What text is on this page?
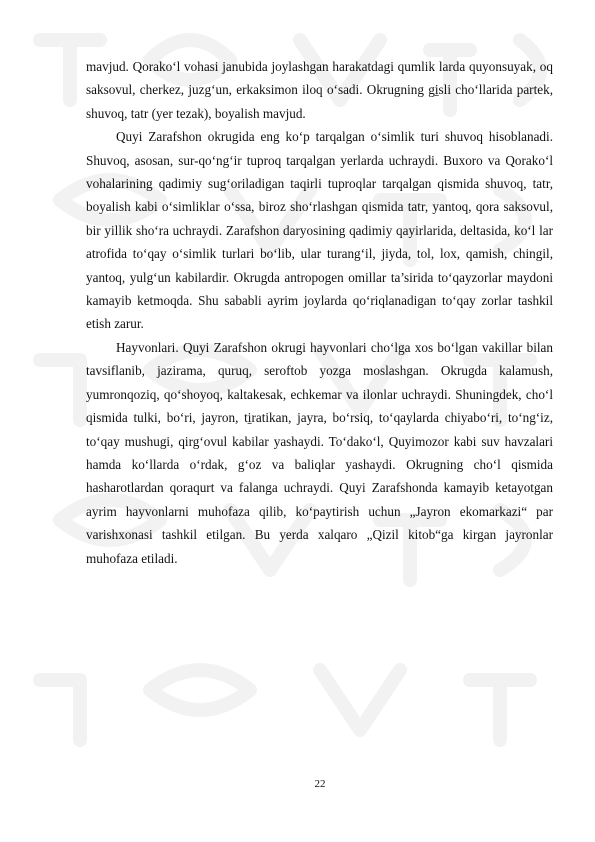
mavjud. Qorako‘l vohasi janubida joylashgan harakatdagi qumlik larda quyonsuyak, oq saksovul, cherkez, juzg‘un, erkaksimon iloq o‘sadi. Okrugning gi̱sli cho‘llarida partek, shuvoq, tatr (yer tezak), boyalish mavjud.

Quyi Zarafshon okrugida eng ko‘p tarqalgan o‘simlik turi shuvoq hisoblanadi. Shuvoq, asosan, sur-qo‘ng‘ir tuproq tarqalgan yerlarda uchraydi. Buxoro va Qorako‘l vohalarining qadimiy sug‘oriladigan taqirli tuproqlar tarqalgan qismida shuvoq, tatr, boyalish kabi o‘simliklar o‘ssa, biroz sho‘rlashgan qismida tatr, yantoq, qora saksovul, bir yillik sho‘ra uchraydi. Zarafshon daryosining qadimiy qayirlarida, deltasida, ko‘l lar atrofida to‘qay o‘simlik turlari bo‘lib, ular turang‘il, jiyda, tol, lox, qamish, chingil, yantoq, yulg‘un kabilardir. Okrugda antropogen omillar ta’sirida to‘qayzorlar maydoni kamayib ketmoqda. Shu sababli ayrim joylarda qo‘riqlanadigan to‘qay zorlar tashkil etish zarur.

Hayvonlari. Quyi Zarafshon okrugi hayvonlari cho‘lga xos bo‘lgan vakillar bilan tavsiflanib, jazirama, quruq, seroftob yozga moslashgan. Okrugda kalamush, yumronqoziq, qo‘shoyoq, kaltakesak, echkemar va ilonlar uchraydi. Shuningdek, cho‘l qismida tulki, bo‘ri, jayron, ti̱ratikan, jayra, bo‘rsiq, to‘qaylarda chiyabo‘ri, to‘ng‘iz, to‘qay mushugi, qirg‘ovul kabilar yashaydi. To‘dako‘l, Quyimozor kabi suv havzalari hamda ko‘llarda o‘rdak, g‘oz va baliqlar yashaydi. Okrugning cho‘l qismida hasharotlardan qoraqurt va falanga uchraydi. Quyi Zarafshonda kamayib ketayotgan ayrim hayvonlarni muhofaza qilib, ko‘paytirish uchun „Jayron ekomarkazi“ par varishxonasi tashkil etilgan. Bu yerda xalqaro „Qizil kitob“ga kirgan jayronlar muhofaza etiladi.

22
